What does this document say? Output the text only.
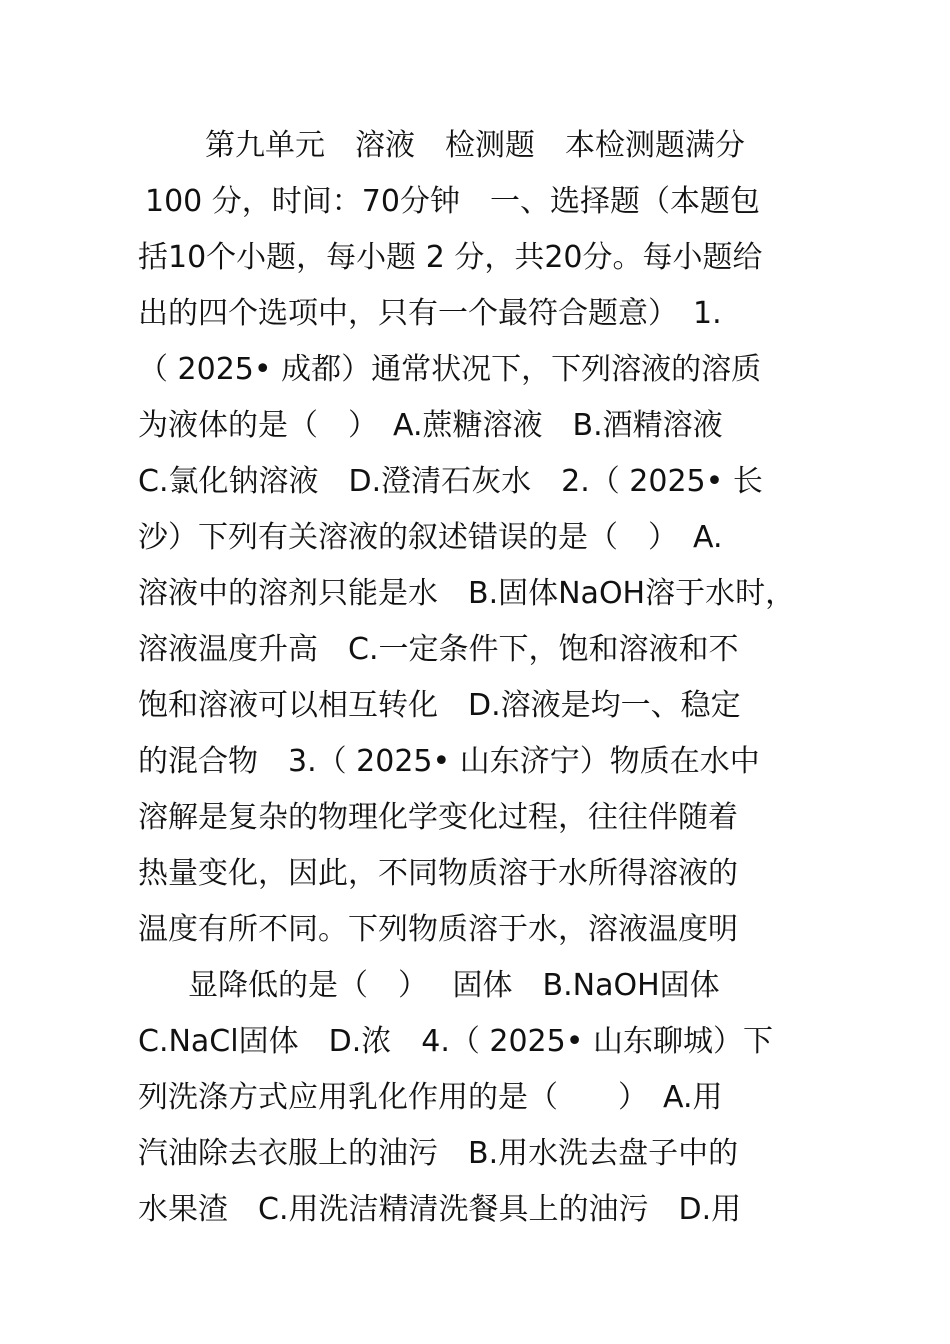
第九单元　溶液　检测题　本检测题满分
100 分，时间：70分钟　一、选择题（本题包
括10个小题，每小题 2 分，共20分。每小题给
出的四个选项中，只有一个最符合题意）　1.
（ 2025• 成都）通常状况下，下列溶液的溶质
为液体的是（　）　A.蔗糖溶液　B.酒精溶液
C.氯化钠溶液　D.澄清石灰水　2.（ 2025• 长
沙）下列有关溶液的叙述错误的是（　）　A.
溶液中的溶剂只能是水　B.固体NaOH溶于水时，
溶液温度升高　C.一定条件下，饱和溶液和不
饱和溶液可以相互转化　D.溶液是均一、稳定
的混合物　3.（ 2025• 山东济宁）物质在水中
溶解是复杂的物理化学变化过程，往往伴随着
热量变化，因此，不同物质溶于水所得溶液的
温度有所不同。下列物质溶于水，溶液温度明
显降低的是（　）　 固体　B.NaOH固体
C.NaCl固体　D.浓　4.（ 2025• 山东聊城）下
列洗涤方式应用乳化作用的是（　　）　A.用
汽油除去衣服上的油污　B.用水洗去盘子中的
水果渣　C.用洗洁精清洗餐具上的油污　D.用
